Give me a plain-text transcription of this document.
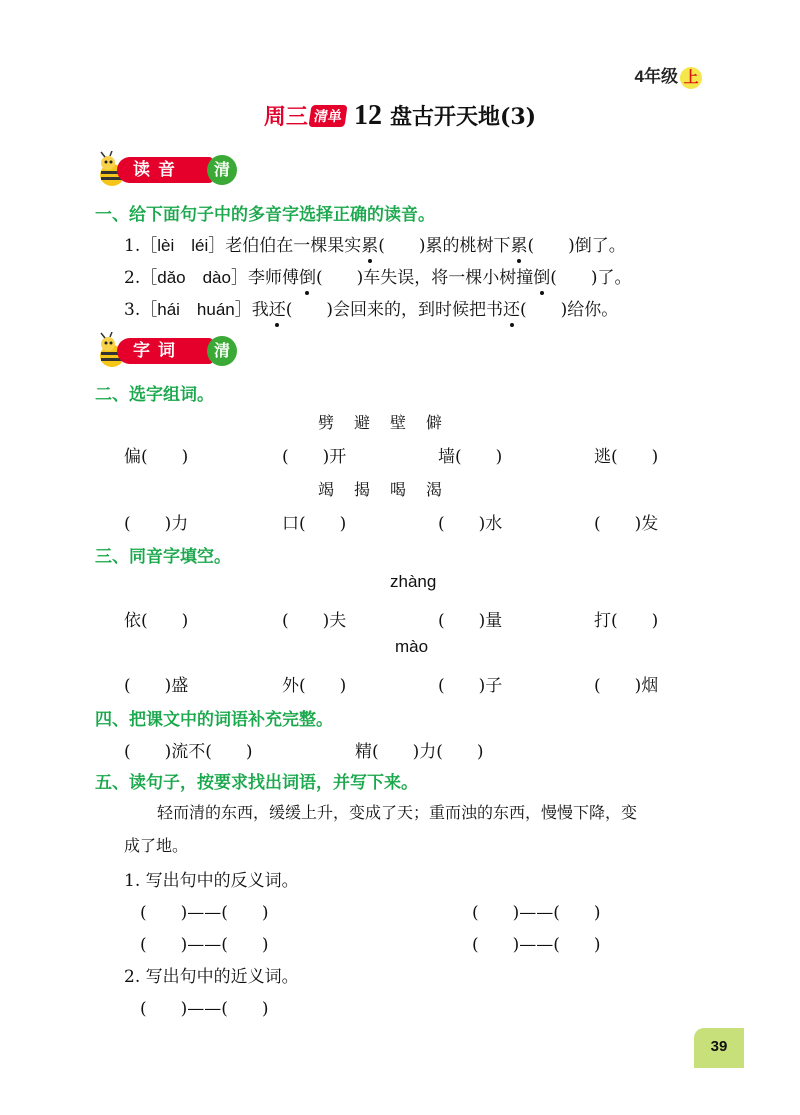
4年级 上
周三 清单 12 盘古开天地(3)
读音	清
一、给下面句子中的多音字选择正确的读音。
1.［lèi　léi］老伯伯在一棵果实累(　　)累的桃树下累(　　)倒了。
2.［dǎo　dào］李师傅倒(　　)车失误，将一棵小树撞倒(　　)了。
3.［hái　huán］我还(　　)会回来的，到时候把书还(　　)给你。
字词	清
二、选字组词。
劈　避　壁　僻
偏(　　)	(　　)开	墙(　　)	逃(　　)
竭　揭　喝　渴
(　　)力	口(　　)	(　　)水	(　　)发
三、同音字填空。
zhàng
依(　　)	(　　)夫	(　　)量	打(　　)
mào
(　　)盛	外(　　)	(　　)子	(　　)烟
四、把课文中的词语补充完整。
(　　)流不(　　)	精(　　)力(　　)
五、读句子，按要求找出词语，并写下来。
轻而清的东西，缓缓上升，变成了天；重而浊的东西，慢慢下降，变
成了地。
1. 写出句中的反义词。
(　　)——(　　)	(　　)——(　　)
(　　)——(　　)	(　　)——(　　)
2. 写出句中的近义词。
(　　)——(　　)
39
